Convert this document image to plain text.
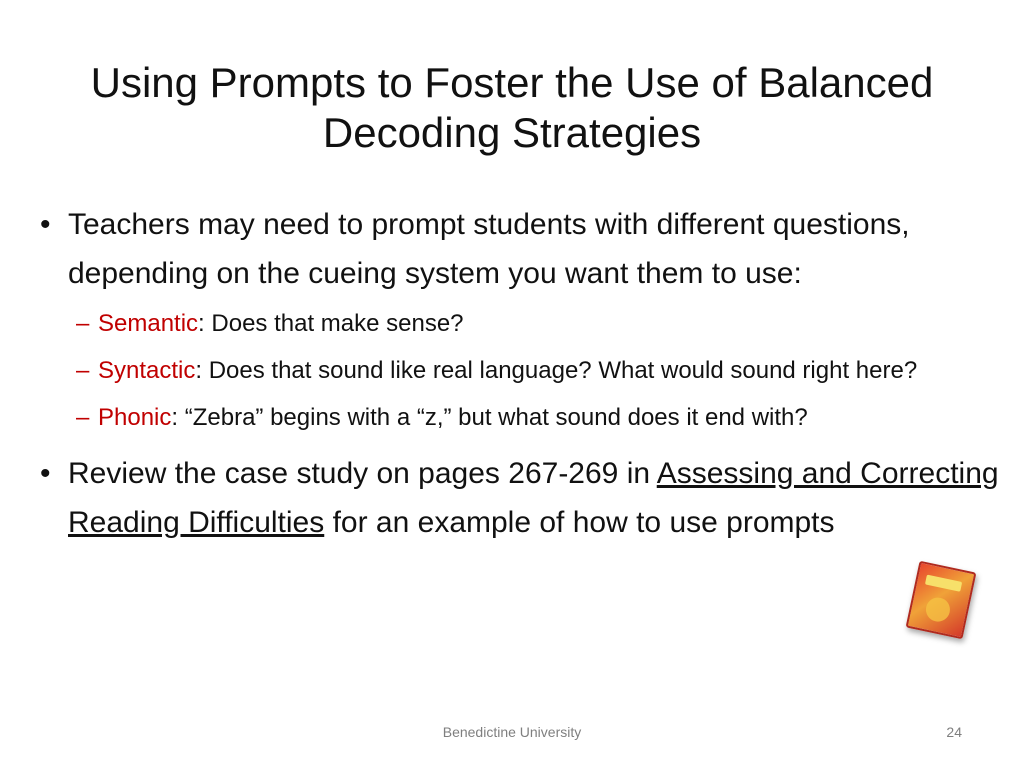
Using Prompts to Foster the Use of Balanced
Decoding Strategies
• Teachers may need to prompt students with different questions, depending on the cueing system you want them to use:
– Semantic: Does that make sense?
– Syntactic: Does that sound like real language? What would sound right here?
– Phonic: “Zebra” begins with a “z,” but what sound does it end with?
• Review the case study on pages 267-269 in Assessing and Correcting Reading Difficulties for an example of how to use prompts
Benedictine University	24
